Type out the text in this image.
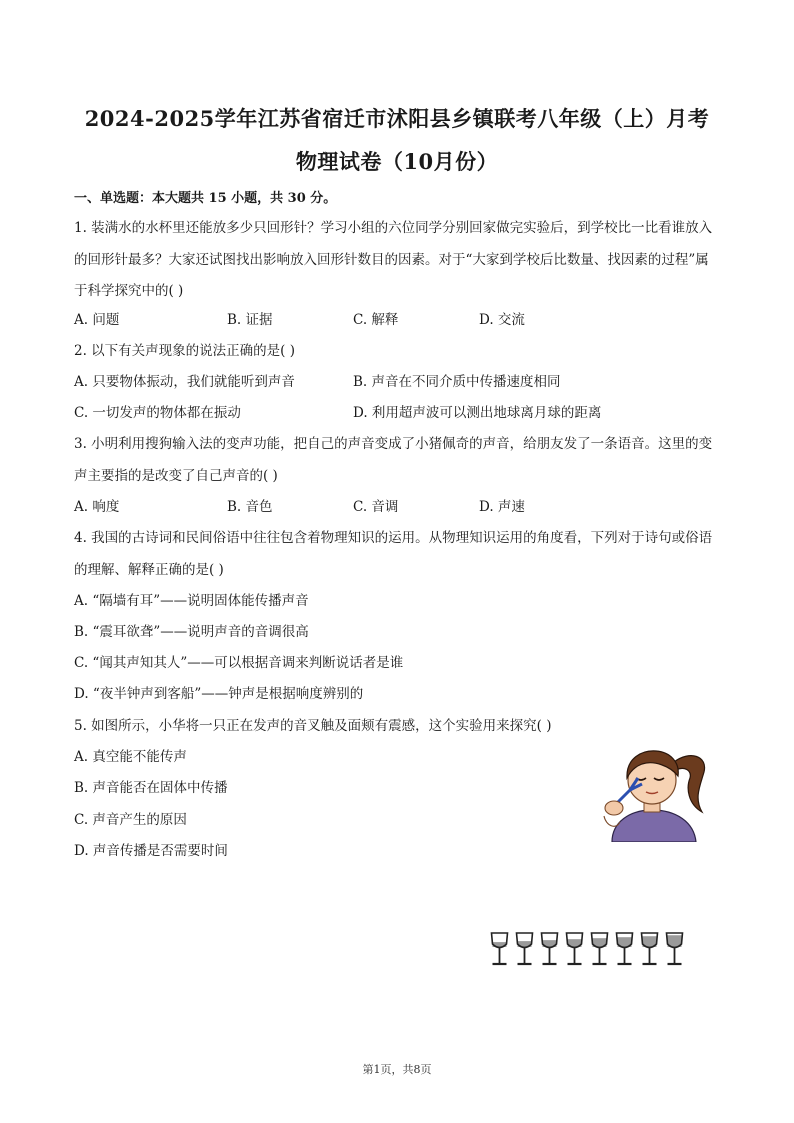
2024-2025学年江苏省宿迁市沭阳县乡镇联考八年级（上）月考
物理试卷（10月份）

一、单选题：本大题共 15 小题，共 30 分。

1. 装满水的水杯里还能放多少只回形针？学习小组的六位同学分别回家做完实验后，到学校比一比看谁放入的回形针最多？大家还试图找出影响放入回形针数目的因素。对于“大家到学校后比数量、找因素的过程”属于科学探究中的( )

A. 问题	B. 证据	C. 解释	D. 交流

2. 以下有关声现象的说法正确的是( )

A. 只要物体振动，我们就能听到声音	B. 声音在不同介质中传播速度相同
C. 一切发声的物体都在振动	D. 利用超声波可以测出地球离月球的距离

3. 小明利用搜狗输入法的变声功能，把自己的声音变成了小猪佩奇的声音，给朋友发了一条语音。这里的变声主要指的是改变了自己声音的( )

A. 响度	B. 音色	C. 音调	D. 声速

4. 我国的古诗词和民间俗语中往往包含着物理知识的运用。从物理知识运用的角度看，下列对于诗句或俗语的理解、解释正确的是( )

A. “隔墙有耳”——说明固体能传播声音
B. “震耳欲聋”——说明声音的音调很高
C. “闻其声知其人”——可以根据音调来判断说话者是谁
D. “夜半钟声到客船”——钟声是根据响度辨别的

5. 如图所示，小华将一只正在发声的音叉触及面颊有震感，这个实验用来探究( )

A. 真空能不能传声
B. 声音能否在固体中传播
C. 声音产生的原因
D. 声音传播是否需要时间
第1页，共8页
